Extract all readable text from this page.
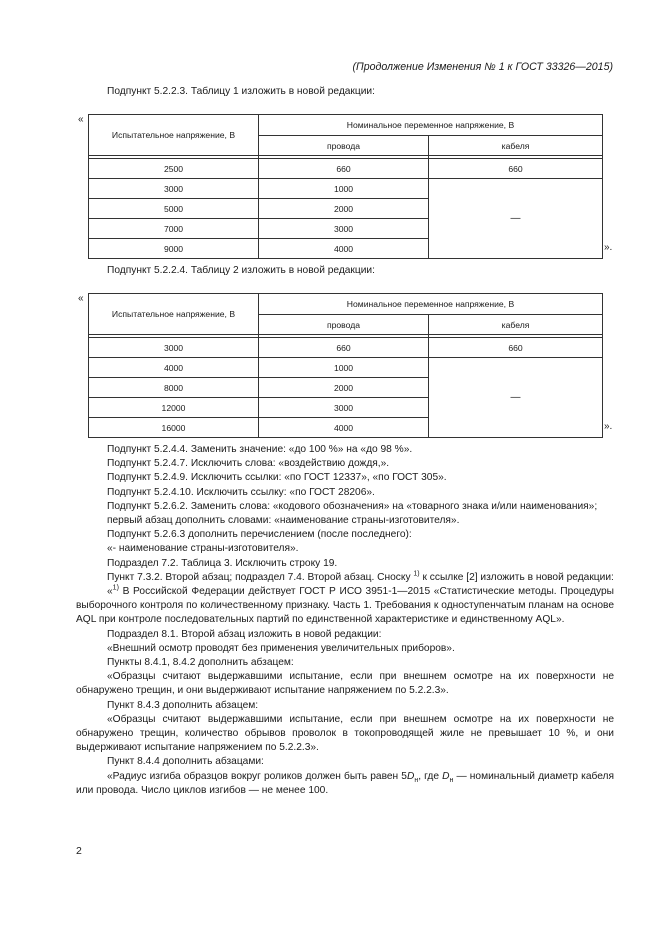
(Продолжение Изменения № 1 к ГОСТ 33326—2015)
Подпункт 5.2.2.3. Таблицу 1 изложить в новой редакции:
«
Испытательное напряжение, В	Номинальное переменное напряжение, В	
	провода	кабеля

2500	660	660
3000	1000	—
5000	2000	
7000	3000	
9000	4000		».
Подпункт 5.2.2.4. Таблицу 2 изложить в новой редакции:
«
Испытательное напряжение, В	Номинальное переменное напряжение, В	
	провода	кабеля

3000	660	660
4000	1000	—
8000	2000	
12000	3000	
16000	4000		».

Подпункт 5.2.4.4. Заменить значение: «до 100 %» на «до 98 %».

Подпункт 5.2.4.7. Исключить слова: «воздействию дождя,».

Подпункт 5.2.4.9. Исключить ссылки: «по ГОСТ 12337», «по ГОСТ 305».

Подпункт 5.2.4.10. Исключить ссылку: «по ГОСТ 28206».

Подпункт 5.2.6.2. Заменить слова: «кодового обозначения» на «товарного знака и/или наименования»;

первый абзац дополнить словами: «наименование страны-изготовителя».

Подпункт 5.2.6.3 дополнить перечислением (после последнего):

«- наименование страны-изготовителя».

Подраздел 7.2. Таблица 3. Исключить строку 19.

Пункт 7.3.2. Второй абзац; подраздел 7.4. Второй абзац. Сноску $^{1)}$ к ссылке [2] изложить в новой редакции:

«$^{1)}$ В Российской Федерации действует ГОСТ Р ИСО 3951-1—2015 «Статистические методы. Процедуры выборочного контроля по количественному признаку. Часть 1. Требования к одноступенчатым планам на основе AQL при контроле последовательных партий по единственной характеристике и единственному AQL».

Подраздел 8.1. Второй абзац изложить в новой редакции:

«Внешний осмотр проводят без применения увеличительных приборов».

Пункты 8.4.1, 8.4.2 дополнить абзацем:

«Образцы считают выдержавшими испытание, если при внешнем осмотре на их поверхности не обнаружено трещин, и они выдерживают испытание напряжением по 5.2.2.3».

Пункт 8.4.3 дополнить абзацем:

«Образцы считают выдержавшими испытание, если при внешнем осмотре на их поверхности не обнаружено трещин, количество обрывов проволок в токопроводящей жиле не превышает 10 %, и они выдерживают испытание напряжением по 5.2.2.3».

Пункт 8.4.4 дополнить абзацами:

«Радиус изгиба образцов вокруг роликов должен быть равен $5D_н$, где $D_н$ — номинальный диаметр кабеля или провода. Число циклов изгибов — не менее 100.

2
